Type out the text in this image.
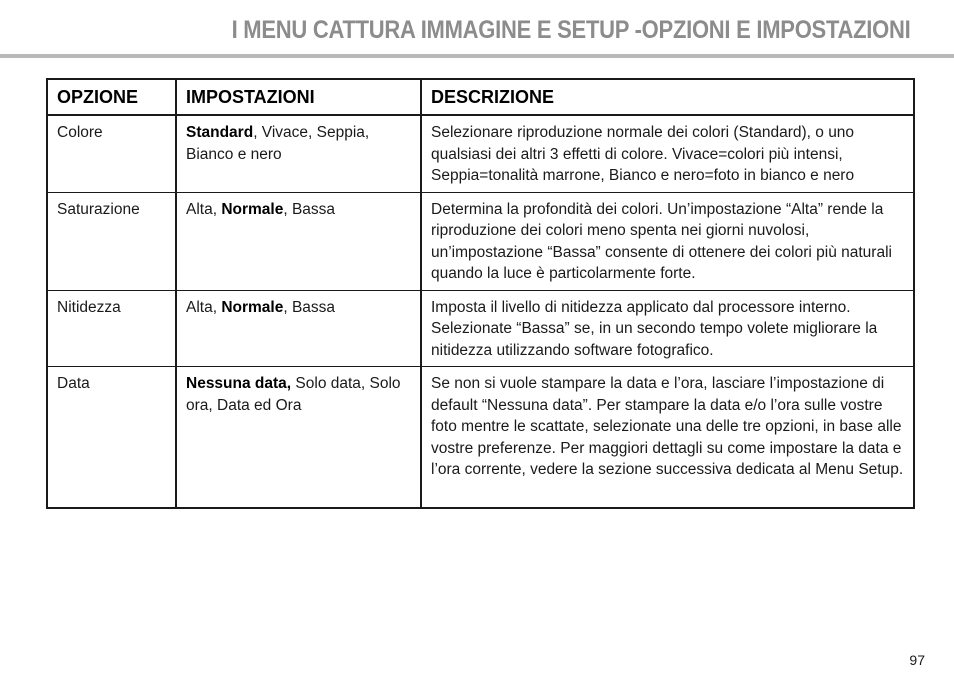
I MENU CATTURA IMMAGINE E SETUP -OPZIONI E IMPOSTAZIONI
OPZIONE	IMPOSTAZIONI	DESCRIZIONE
Colore	Standard, Vivace, Seppia, Bianco e nero	Selezionare riproduzione normale dei colori (Standard), o uno qualsiasi dei altri 3 effetti di colore. Vivace=colori più intensi, Seppia=tonalità marrone, Bianco e nero=foto in bianco e nero
Saturazione	Alta, Normale, Bassa	Determina la profondità dei colori. Un’impostazione “Alta” rende la riproduzione dei colori meno spenta nei giorni nuvolosi, un’impostazione “Bassa” consente di ottenere dei colori più naturali quando la luce è particolarmente forte.
Nitidezza	Alta, Normale, Bassa	Imposta il livello di nitidezza applicato dal processore interno. Selezionate “Bassa” se, in un secondo tempo volete migliorare la nitidezza utilizzando software fotografico.
Data	Nessuna data, Solo data, Solo ora, Data ed Ora	Se non si vuole stampare la data e l’ora, lasciare l’impostazione di default “Nessuna data”. Per stampare la data e/o l’ora sulle vostre foto mentre le scattate, selezionate una delle tre opzioni, in base alle vostre preferenze. Per maggiori dettagli su come impostare la data e l’ora corrente, vedere la sezione successiva dedicata al Menu Setup.
97
